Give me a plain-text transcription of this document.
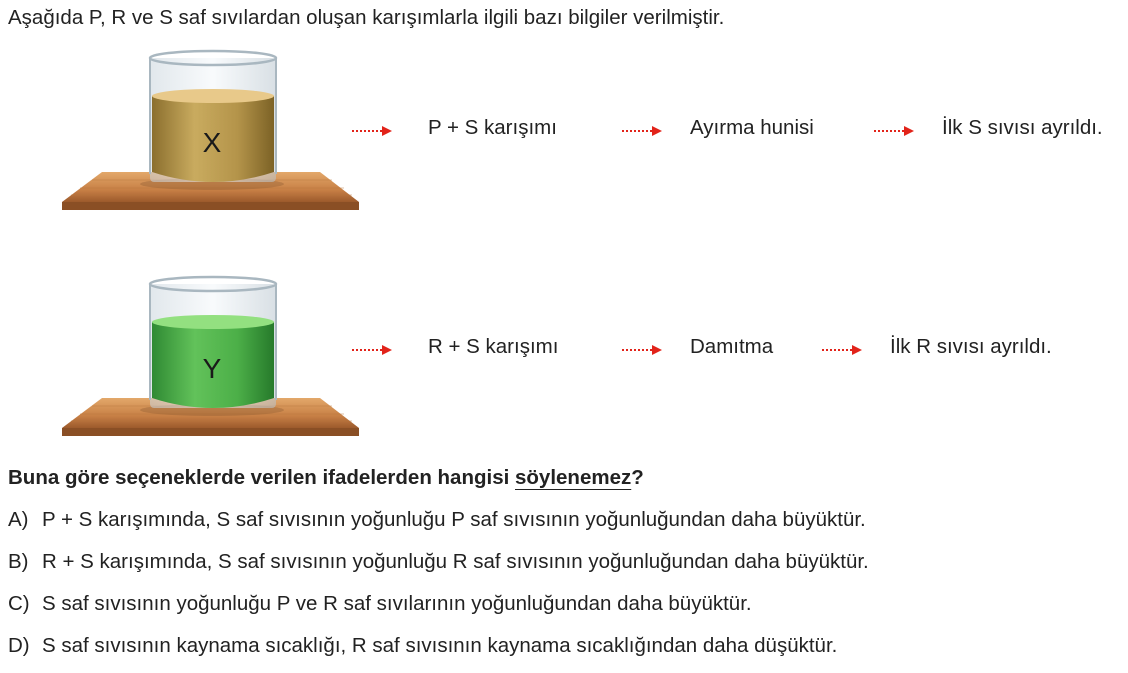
Aşağıda P, R ve S saf sıvılardan oluşan karışımlarla ilgili bazı bilgiler verilmiştir.
X
Y
P + S karışımı	Ayırma hunisi	İlk S sıvısı ayrıldı.
R + S karışımı	Damıtma	İlk R sıvısı ayrıldı.
Buna göre seçeneklerde verilen ifadelerden hangisi söylenemez?
A) P + S karışımında, S saf sıvısının yoğunluğu P saf sıvısının yoğunluğundan daha büyüktür.
B) R + S karışımında, S saf sıvısının yoğunluğu R saf sıvısının yoğunluğundan daha büyüktür.
C) S saf sıvısının yoğunluğu P ve R saf sıvılarının yoğunluğundan daha büyüktür.
D) S saf sıvısının kaynama sıcaklığı, R saf sıvısının kaynama sıcaklığından daha düşüktür.
